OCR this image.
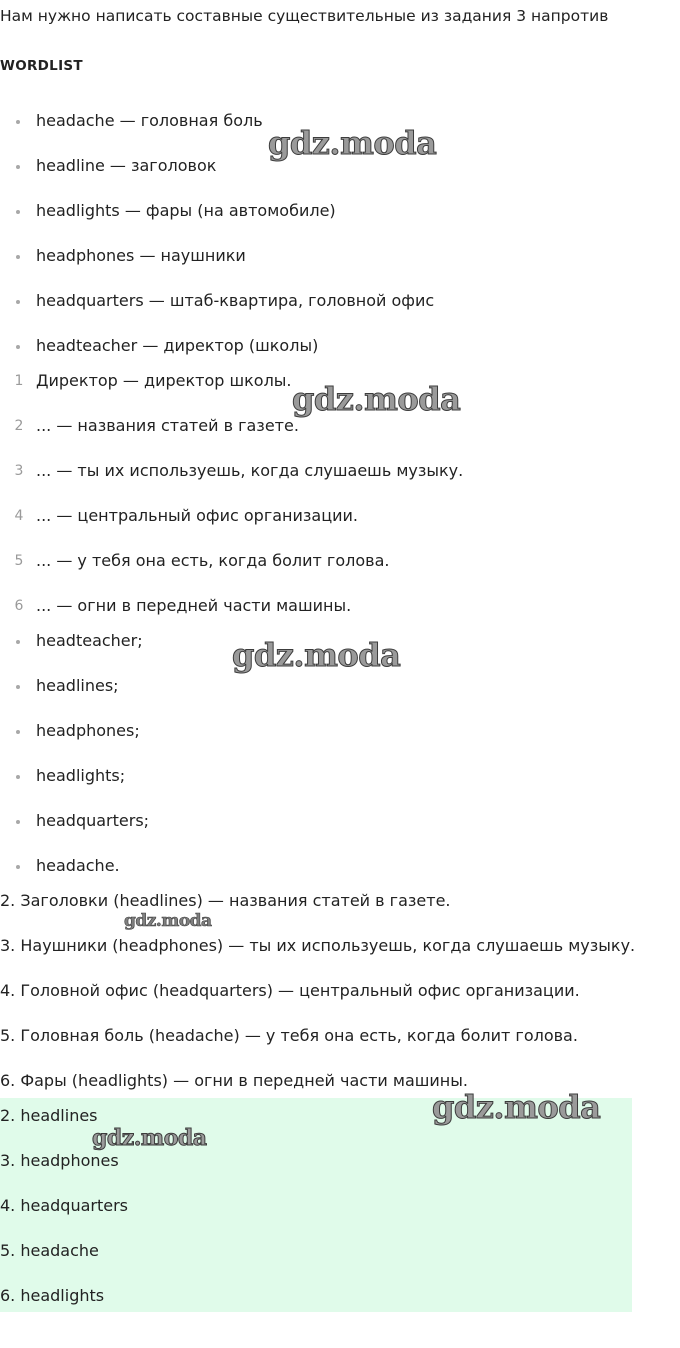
Нам нужно написать составные существительные из задания 3 напротив
WORDLIST
headache — головная боль
headline — заголовок
headlights — фары (на автомобиле)
headphones — наушники
headquarters — штаб-квартира, головной офис
headteacher — директор (школы)
1 Директор — директор школы.
2 ... — названия статей в газете.
3 ... — ты их используешь, когда слушаешь музыку.
4 ... — центральный офис организации.
5 ... — у тебя она есть, когда болит голова.
6 ... — огни в передней части машины.
headteacher;
headlines;
headphones;
headlights;
headquarters;
headache.
2. Заголовки (headlines) — названия статей в газете.
3. Наушники (headphones) — ты их используешь, когда слушаешь музыку.
4. Головной офис (headquarters) — центральный офис организации.
5. Головная боль (headache) — у тебя она есть, когда болит голова.
6. Фары (headlights) — огни в передней части машины.
2. headlines
3. headphones
4. headquarters
5. headache
6. headlights
gdz.moda
gdz.moda
gdz.moda
gdz.moda
gdz.moda
gdz.moda
